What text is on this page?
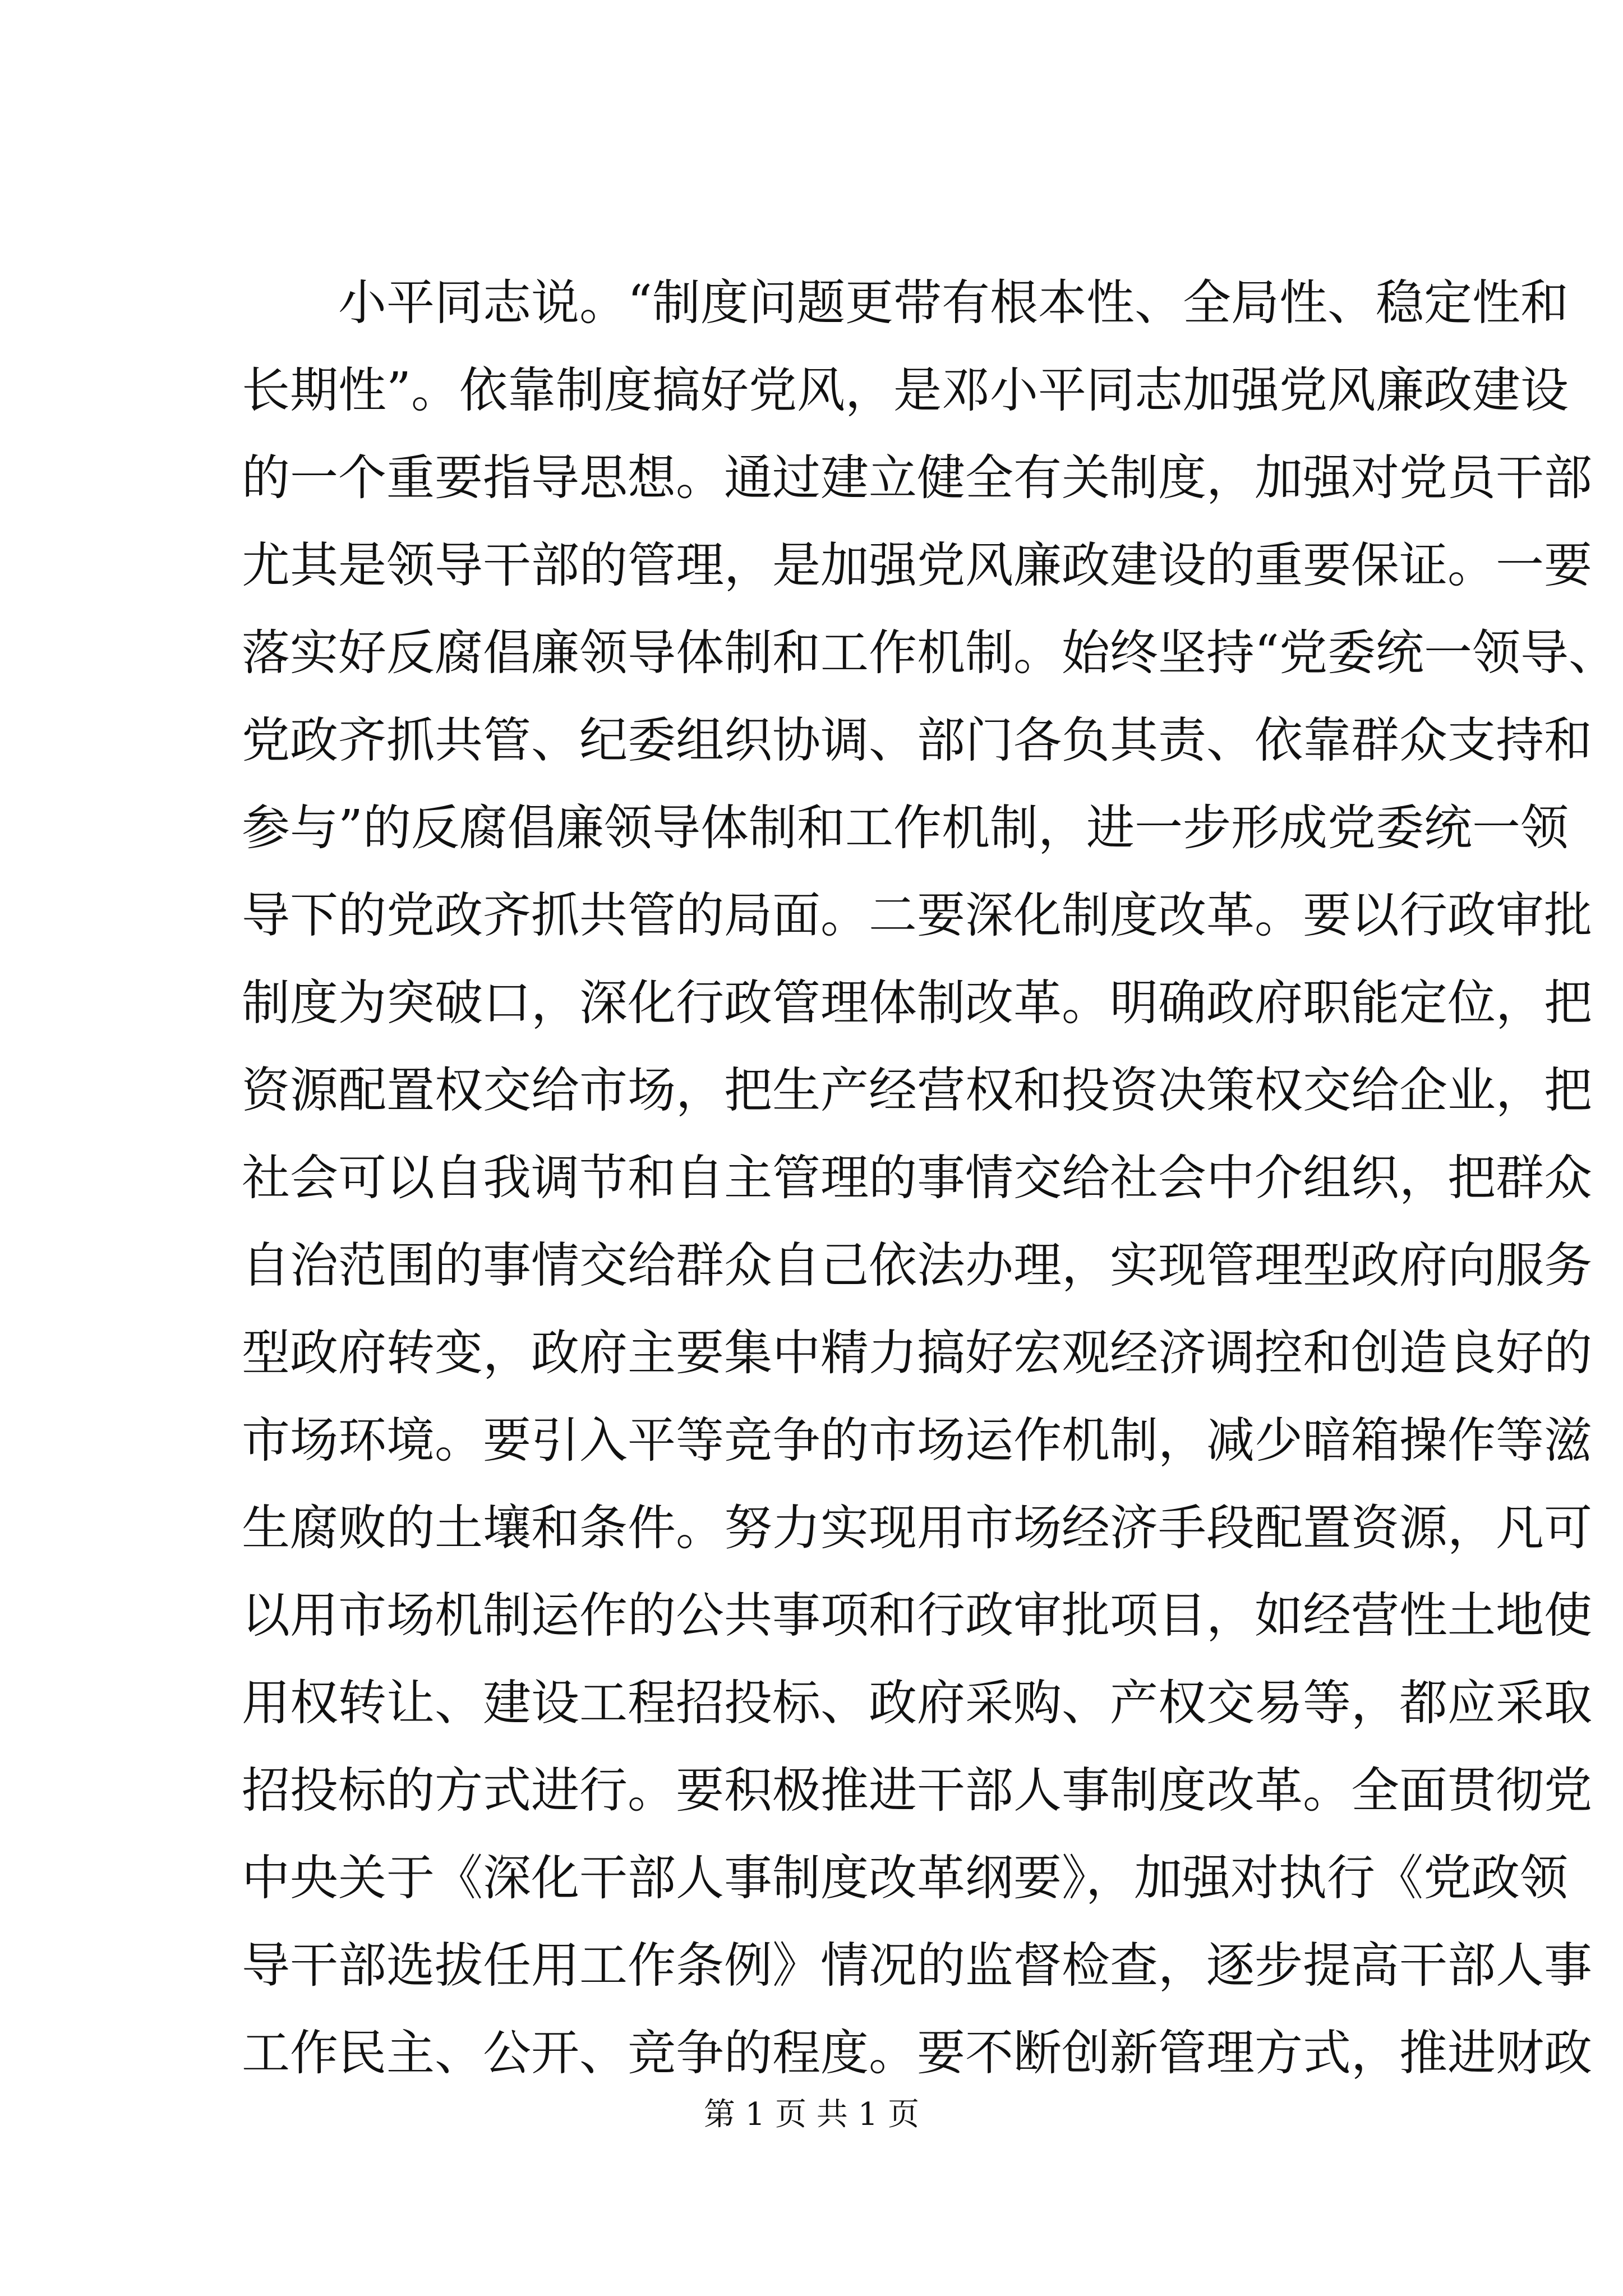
小平同志说。“制度问题更带有根本性、全局性、稳定性和
长期性”。依靠制度搞好党风，是邓小平同志加强党风廉政建设
的一个重要指导思想。通过建立健全有关制度，加强对党员干部
尤其是领导干部的管理，是加强党风廉政建设的重要保证。一要
落实好反腐倡廉领导体制和工作机制。始终坚持“党委统一领导、
党政齐抓共管、纪委组织协调、部门各负其责、依靠群众支持和
参与”的反腐倡廉领导体制和工作机制，进一步形成党委统一领
导下的党政齐抓共管的局面。二要深化制度改革。要以行政审批
制度为突破口，深化行政管理体制改革。明确政府职能定位，把
资源配置权交给市场，把生产经营权和投资决策权交给企业，把
社会可以自我调节和自主管理的事情交给社会中介组织，把群众
自治范围的事情交给群众自己依法办理，实现管理型政府向服务
型政府转变，政府主要集中精力搞好宏观经济调控和创造良好的
市场环境。要引入平等竞争的市场运作机制，减少暗箱操作等滋
生腐败的土壤和条件。努力实现用市场经济手段配置资源，凡可
以用市场机制运作的公共事项和行政审批项目，如经营性土地使
用权转让、建设工程招投标、政府采购、产权交易等，都应采取
招投标的方式进行。要积极推进干部人事制度改革。全面贯彻党
中央关于《深化干部人事制度改革纲要》，加强对执行《党政领
导干部选拔任用工作条例》情况的监督检查，逐步提高干部人事
工作民主、公开、竞争的程度。要不断创新管理方式，推进财政
第 1 页 共 1 页
